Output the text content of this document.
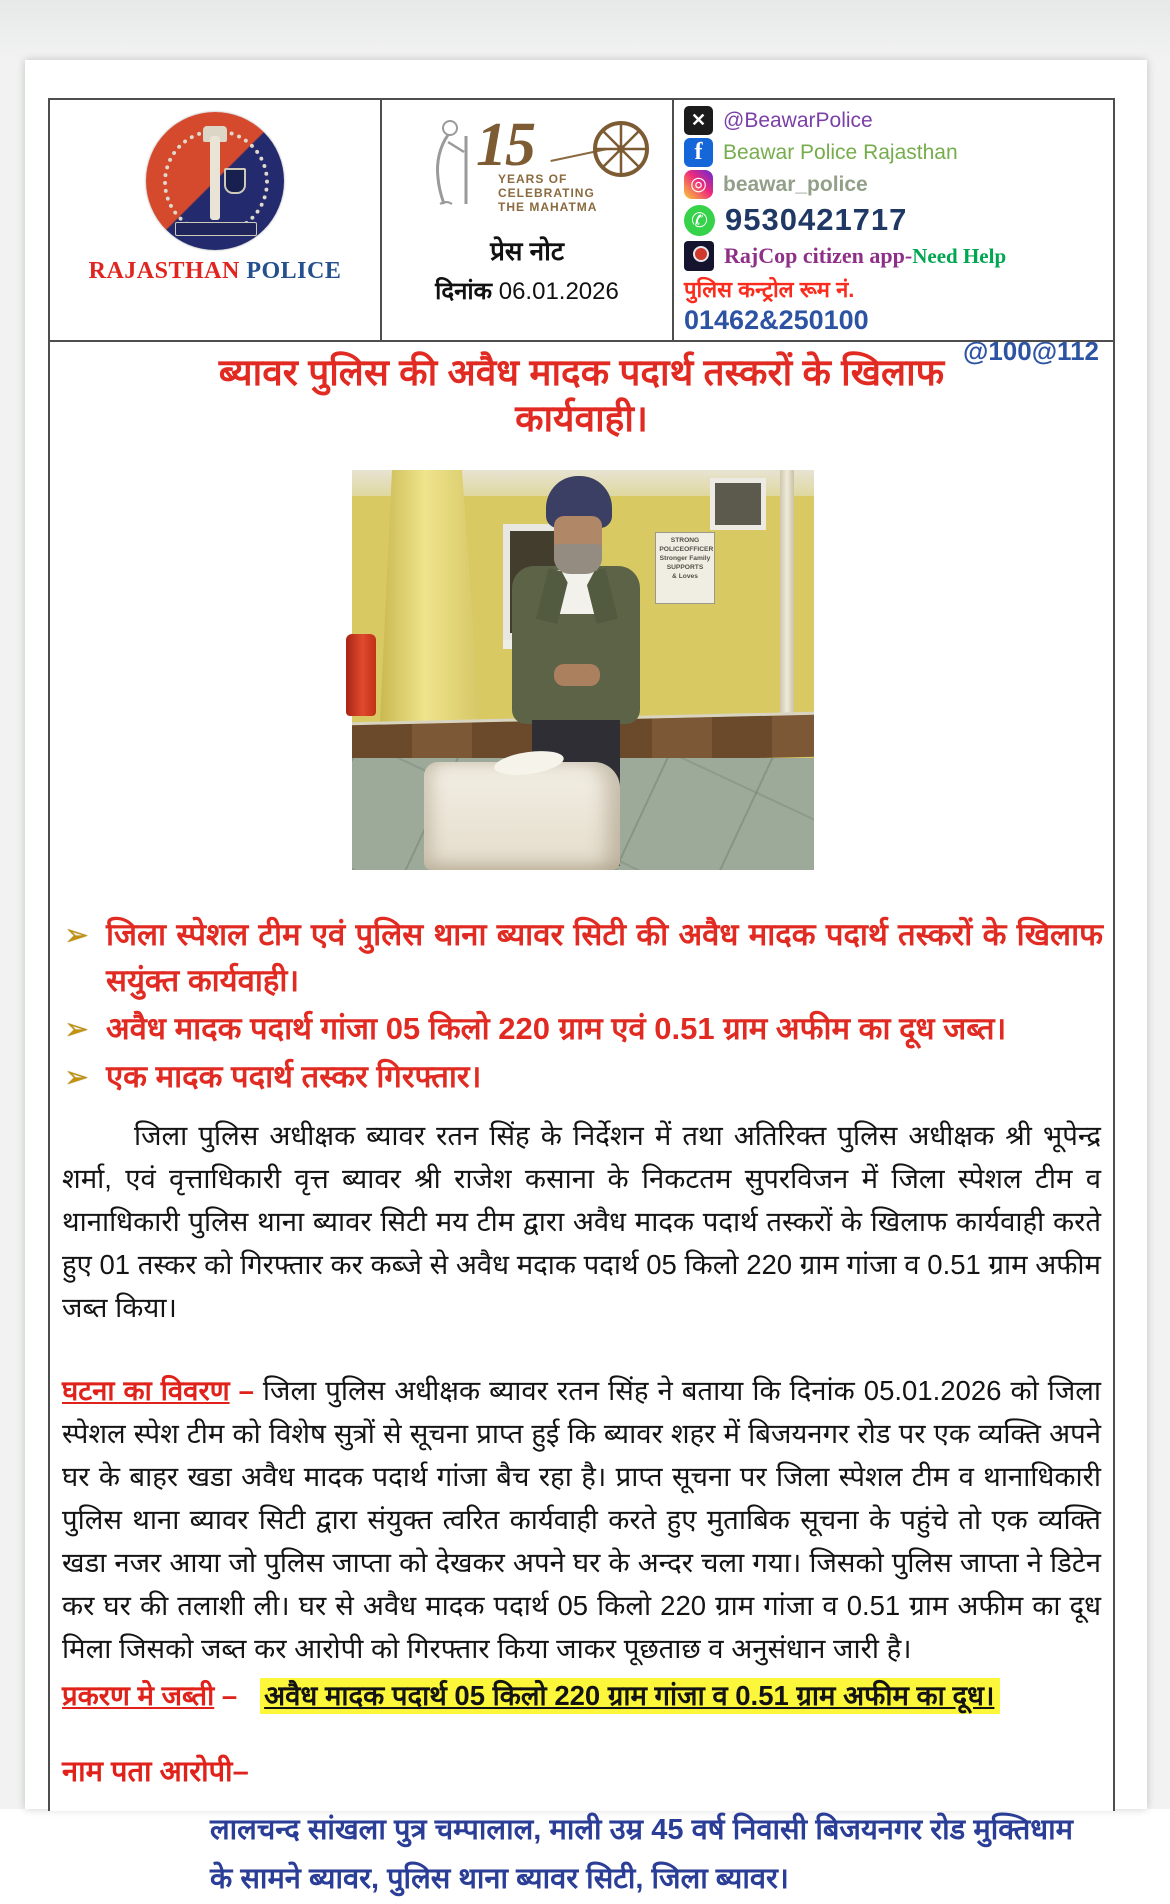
RAJASTHAN POLICE
15
YEARS OF
CELEBRATING
THE MAHATMA
प्रेस नोट
दिनांक 06.01.2026
✕ @BeawarPolice
f Beawar Police Rajasthan
◎ beawar_police
✆ 9530421717
RajCop citizen app- Need Help
पुलिस कन्ट्रोल रूम नं.
01462&250100
@100@112
ब्यावर पुलिस की अवैध मादक पदार्थ तस्करों के खिलाफ
कार्यवाही।
STRONG
POLICEOFFICER
Stronger Family
SUPPORTS
& Loves
➢ जिला स्पेशल टीम एवं पुलिस थाना ब्यावर सिटी की अवैध मादक पदार्थ तस्करों के खिलाफ सयुंक्त कार्यवाही।
➢ अवैध मादक पदार्थ गांजा 05 किलो 220 ग्राम एवं 0.51 ग्राम अफीम का दूध जब्त।
➢ एक मादक पदार्थ तस्कर गिरफ्तार।

जिला पुलिस अधीक्षक ब्यावर रतन सिंह के निर्देशन में तथा अतिरिक्त पुलिस अधीक्षक श्री भूपेन्द्र शर्मा, एवं वृत्ताधिकारी वृत्त ब्यावर श्री राजेश कसाना के निकटतम सुपरविजन में जिला स्पेशल टीम व थानाधिकारी पुलिस थाना ब्यावर सिटी मय टीम द्वारा अवैध मादक पदार्थ तस्करों के खिलाफ कार्यवाही करते हुए 01 तस्कर को गिरफ्तार कर कब्जे से अवैध मदाक पदार्थ 05 किलो 220 ग्राम गांजा व 0.51 ग्राम अफीम जब्त किया।

घटना का विवरण – जिला पुलिस अधीक्षक ब्यावर रतन सिंह ने बताया कि दिनांक 05.01.2026 को जिला स्पेशल स्पेश टीम को विशेष सुत्रों से सूचना प्राप्त हुई कि ब्यावर शहर में बिजयनगर रोड पर एक व्यक्ति अपने घर के बाहर खडा अवैध मादक पदार्थ गांजा बैच रहा है। प्राप्त सूचना पर जिला स्पेशल टीम व थानाधिकारी पुलिस थाना ब्यावर सिटी द्वारा संयुक्त त्वरित कार्यवाही करते हुए मुताबिक सूचना के पहुंचे तो एक व्यक्ति खडा नजर आया जो पुलिस जाप्ता को देखकर अपने घर के अन्दर चला गया। जिसको पुलिस जाप्ता ने डिटेन कर घर की तलाशी ली। घर से अवैध मादक पदार्थ 05 किलो 220 ग्राम गांजा व 0.51 ग्राम अफीम का दूध मिला जिसको जब्त कर आरोपी को गिरफ्तार किया जाकर पूछताछ व अनुसंधान जारी है।

प्रकरण मे जब्ती – अवैध मादक पदार्थ 05 किलो 220 ग्राम गांजा व 0.51 ग्राम अफीम का दूध।

नाम पता आरोपी–

लालचन्द सांखला पुत्र चम्पालाल, माली उम्र 45 वर्ष निवासी बिजयनगर रोड मुक्तिधाम के सामने ब्यावर, पुलिस थाना ब्यावर सिटी, जिला ब्यावर।
